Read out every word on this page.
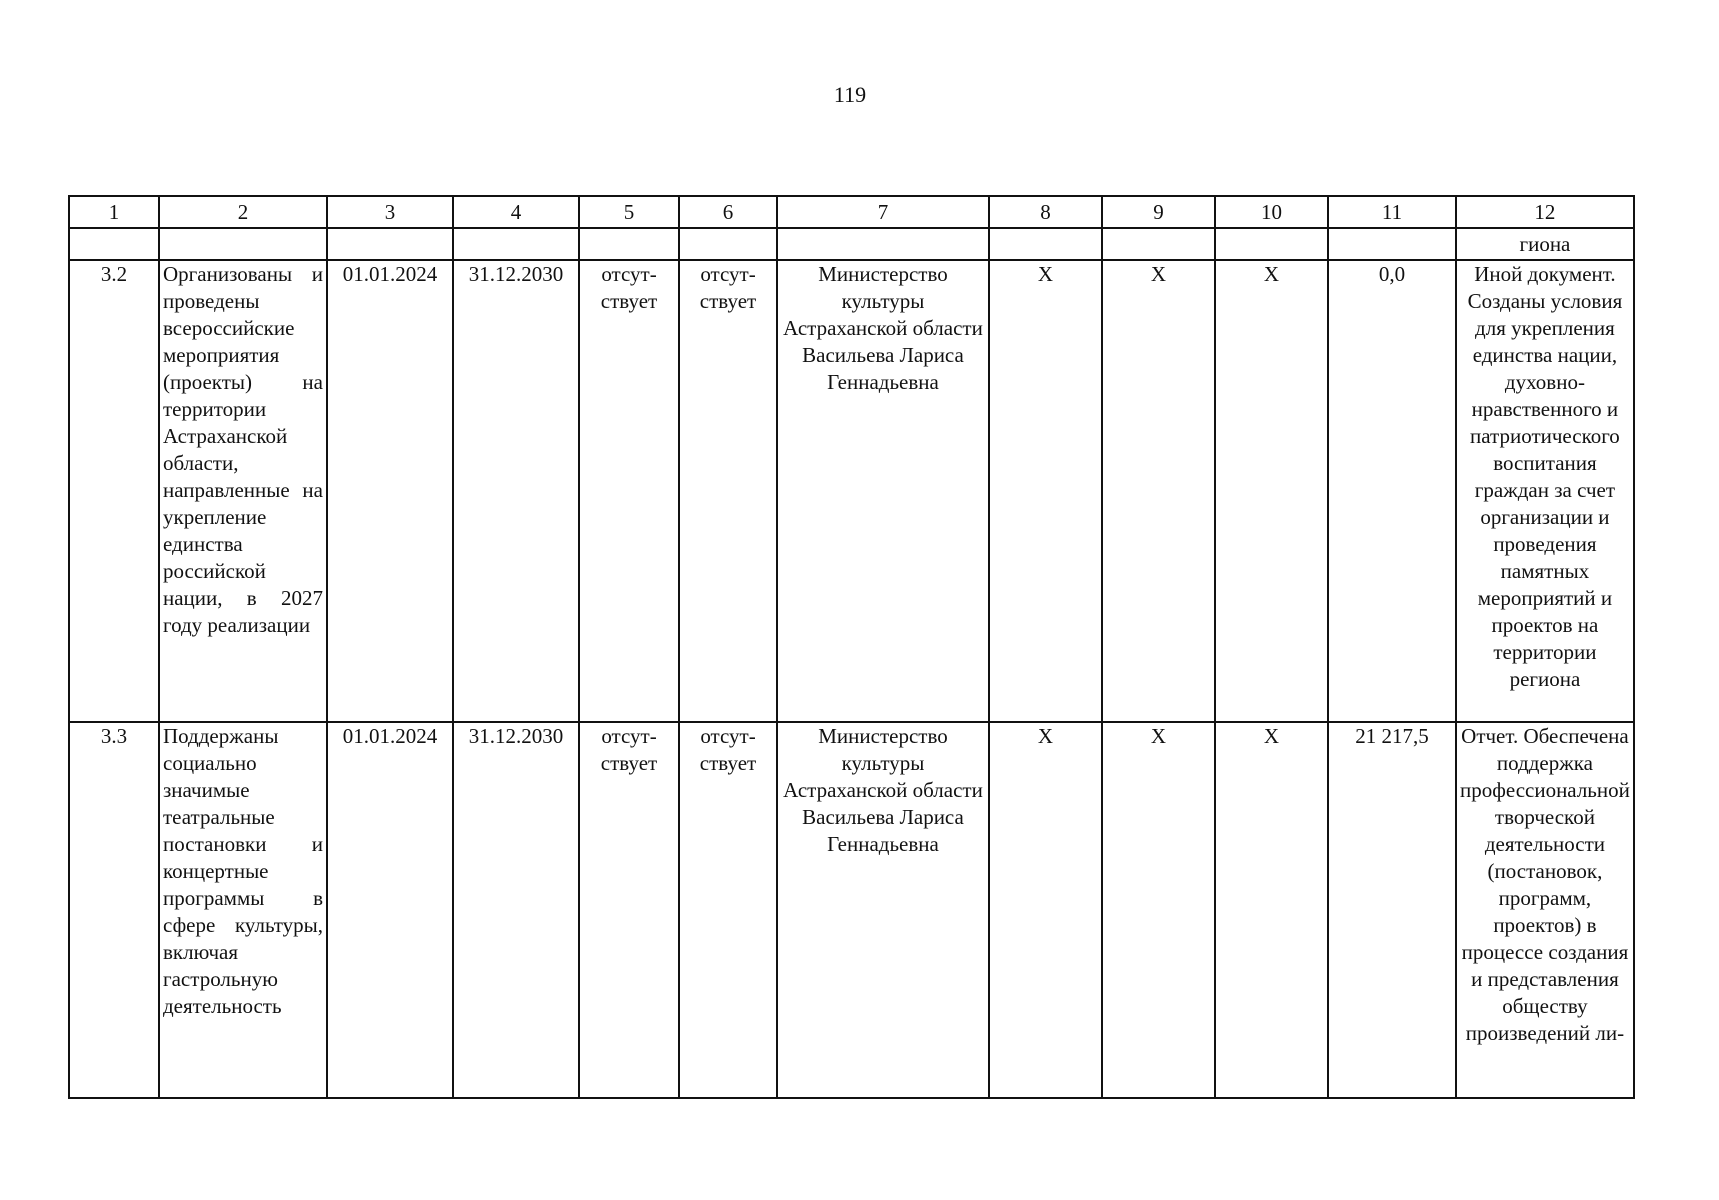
119
1	2	3	4	5	6	7	8	9	10	11	12
											гиона
3.2	Организованы и проведены всероссийские мероприятия (проекты) на территории Астраханской области, направленные на укрепление единства российской нации, в 2027 году реализации	01.01.2024	31.12.2030	отсут-ствует	отсут-ствует	Министерство культуры Астраханской области Васильева Лариса Геннадьевна	Х	Х	Х	0,0	Иной документ. Созданы условия для укрепления единства нации, духовно-нравственного и патриотического воспитания граждан за счет организации и проведения памятных мероприятий и проектов на территории региона
3.3	Поддержаны социально значимые театральные постановки и концертные программы в сфере культуры, включая гастрольную деятельность	01.01.2024	31.12.2030	отсут-ствует	отсут-ствует	Министерство культуры Астраханской области Васильева Лариса Геннадьевна	Х	Х	Х	21 217,5	Отчет. Обеспечена поддержка профессиональной творческой деятельности (постановок, программ, проектов) в процессе создания и представления обществу произведений ли-
